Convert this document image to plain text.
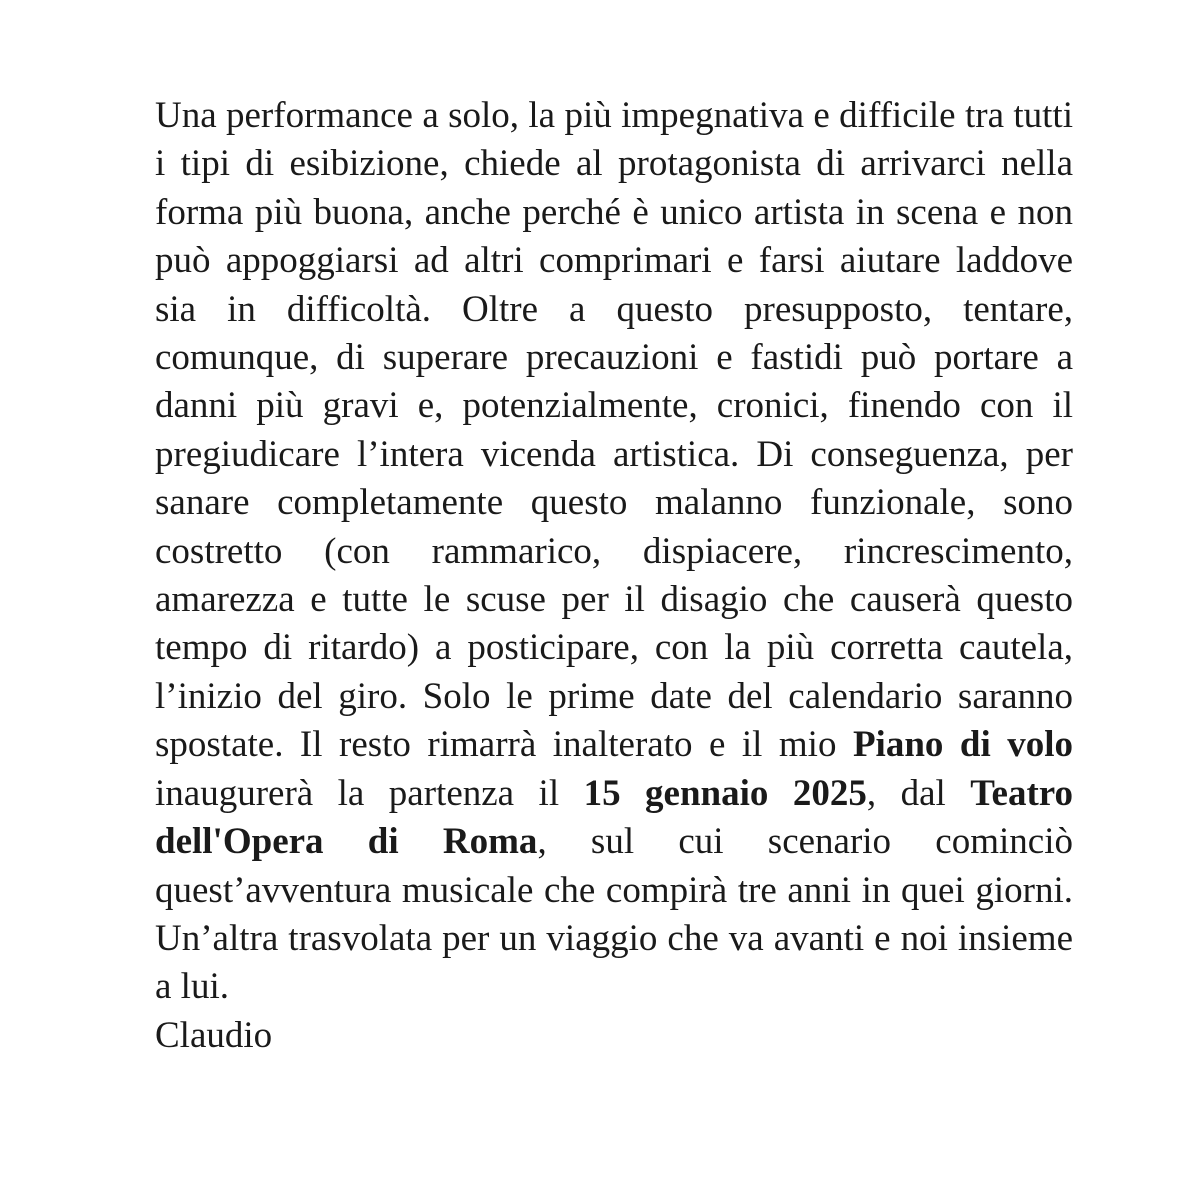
Una performance a solo, la più impegnativa e difficile tra tutti i tipi di esibizione, chiede al protagonista di arrivarci nella forma più buona, anche perché è unico artista in scena e non può appoggiarsi ad altri comprimari e farsi aiutare laddove sia in difficoltà. Oltre a questo presupposto, tentare, comunque, di superare precauzioni e fastidi può portare a danni più gravi e, potenzialmente, cronici, finendo con il pregiudicare l’intera vicenda artistica. Di conseguenza, per sanare completamente questo malanno funzionale, sono costretto (con rammarico, dispiacere, rincrescimento, amarezza e tutte le scuse per il disagio che causerà questo tempo di ritardo) a posticipare, con la più corretta cautela, l’inizio del giro. Solo le prime date del calendario saranno spostate. Il resto rimarrà inalterato e il mio Piano di volo inaugurerà la partenza il 15 gennaio 2025, dal Teatro dell'Opera di Roma, sul cui scenario cominciò quest’avventura musicale che compirà tre anni in quei giorni. Un’altra trasvolata per un viaggio che va avanti e noi insieme a lui.

Claudio
